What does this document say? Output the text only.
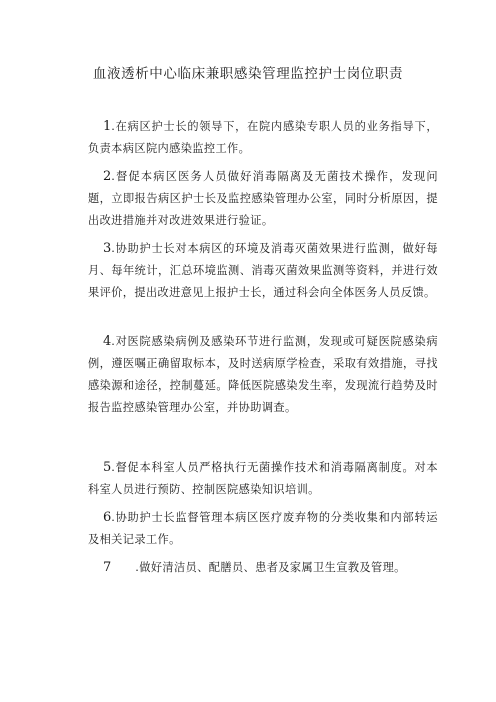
血液透析中心临床兼职感染管理监控护士岗位职责

1.在病区护士长的领导下，在院内感染专职人员的业务指导下，负责本病区院内感染监控工作。

2.督促本病区医务人员做好消毒隔离及无菌技术操作，发现问题，立即报告病区护士长及监控感染管理办公室，同时分析原因，提出改进措施并对改进效果进行验证。

3.协助护士长对本病区的环境及消毒灭菌效果进行监测，做好每月、每年统计，汇总环境监测、消毒灭菌效果监测等资料，并进行效果评价，提出改进意见上报护士长，通过科会向全体医务人员反馈。

4.对医院感染病例及感染环节进行监测，发现或可疑医院感染病例，遵医嘱正确留取标本，及时送病原学检查，采取有效措施，寻找感染源和途径，控制蔓延。降低医院感染发生率，发现流行趋势及时报告监控感染管理办公室，并协助调查。

5.督促本科室人员严格执行无菌操作技术和消毒隔离制度。对本科室人员进行预防、控制医院感染知识培训。

6.协助护士长监督管理本病区医疗废弃物的分类收集和内部转运及相关记录工作。

7 .做好清洁员、配膳员、患者及家属卫生宣教及管理。
